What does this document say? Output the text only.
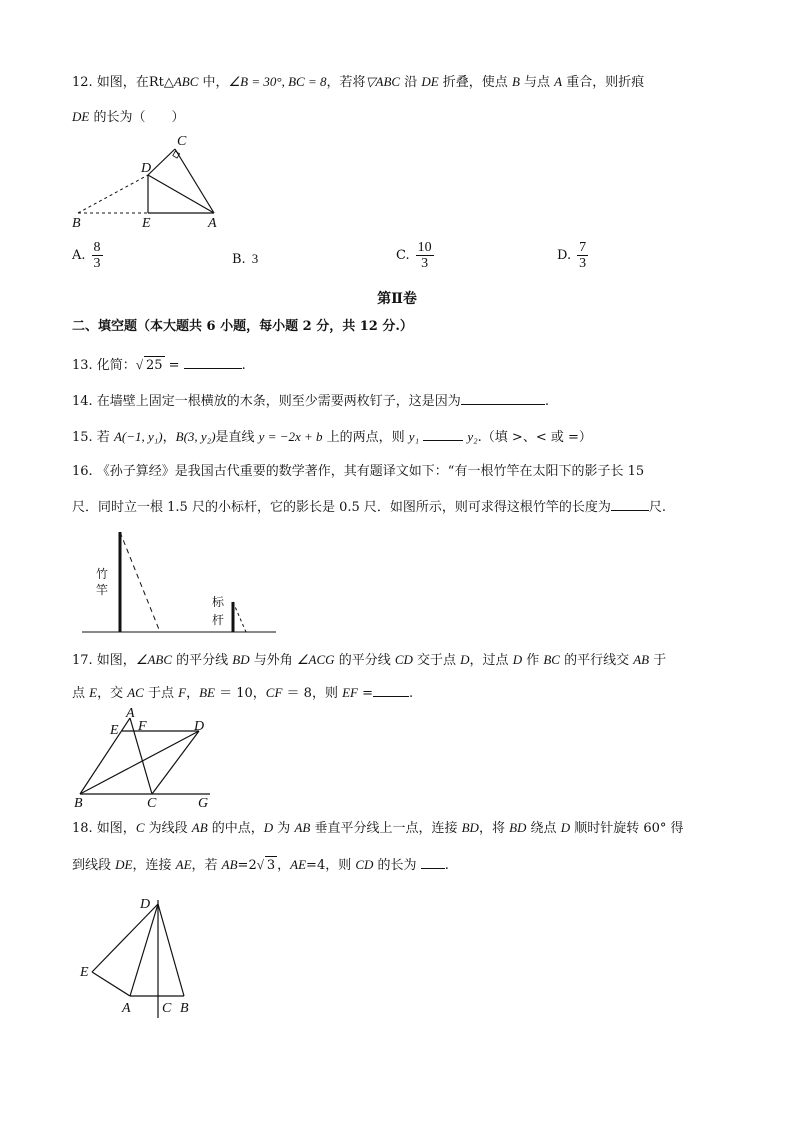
12. 如图，在Rt△ABC 中，∠B = 30°, BC = 8，若将▽ABC 沿 DE 折叠，使点 B 与点 A 重合，则折痕
DE 的长为（　　）
C
D
B	E	A
A. $\frac{8}{3}$	B. 3	C. $\frac{10}{3}$	D. $\frac{7}{3}$
第Ⅱ卷
二、填空题（本大题共 6 小题，每小题 2 分，共 12 分.）
13. 化简：√ 25 =	.
14. 在墙壁上固定一根横放的木条，则至少需要两枚钉子，这是因为	.
15. 若 A(−1, y₁)，B(3, y₂)是直线 y = −2x + b 上的两点，则 y₁	y₂.（填 >、< 或 =）
16. 《孙子算经》是我国古代重要的数学著作，其有题译文如下：“有一根竹竿在太阳下的影子长 15
尺．同时立一根 1.5 尺的小标杆，它的影长是 0.5 尺．如图所示，则可求得这根竹竿的长度为	尺.
竹
竿
标
杆
17. 如图，∠ABC 的平分线 BD 与外角 ∠ACG 的平分线 CD 交于点 D，过点 D 作 BC 的平行线交 AB 于
点 E，交 AC 于点 F，BE ＝ 10，CF ＝ 8，则 EF =	.
A
F
E	D
B	C	G
18. 如图，C 为线段 AB 的中点，D 为 AB 垂直平分线上一点，连接 BD，将 BD 绕点 D 顺时针旋转 60° 得
到线段 DE，连接 AE，若 AB=2√ 3 ，AE=4，则 CD 的长为 .
D
E
A C B
